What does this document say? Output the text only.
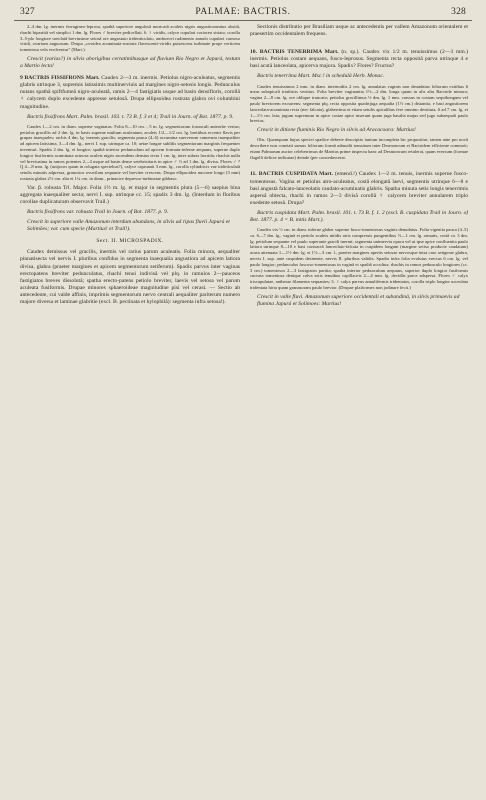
327	PALMAE: BACTRIS.	328

2–4 dm. lg. inermis ferrugineo-leprosa, spathâ superiore angulosâ muricatâ aculeis nigris angusticuneatus obsitâ, rhachi bipartitâ vel simplici 1 dm. lg. Flores ♂ breviter pedicellati. 6. ♀ viridis, calyce cupulari coriaceo striato, corolla 3–5-plo longiore ureolatâ breviusime setosâ ore angustato tridenticulato, androecei rudimento annulo cupulari carnoso viridi, ovarium anguosum. Drupa „ovoidea acuminata-rostrata flavescenti-viridis puisescens turbinate prope verticem tomentosa vela evolventur" (Mart.).

Crescit (varias?) in silvis aborigibus certatimibusque ad fluvium Rio Negro et Japurá, testum a Martio lecta!

9 BACTRIS FISSIFRONS Mart. Caudex 2—3 m. inermis. Petiolus nigro-aculeatus, segmentis glabris utrinque 3, supremis latissimis multinerviuis ad margines nigro-setosis longis. Pedunculus nutans spathâ spiftfumeâ nigro-aculeatâ, ramis 2—4 fastigiatis usque ad basin densifloris, corollâ ♀ calycem duplo excedente appresse setulosâ. Drupa ellipsoidea rostrata glabra ovi columbini magnitudine.

Bactris fissifrons Mart. Palm. brasil. 103. t. 73 B. f. 3 et 4; Trail in Journ. of Bot. 1877. p. 9.

Caudex 1—2 cm. in diam. superne vaginatus. Folia 8—10 cm. ; 5 m. lg. segmentorum forunculi anteorbe vertus; petiolus gracillis ad 2 dm. lg. in basis superne multum aculeatum, aculeis 1/2—1/2 cm. lg. breitibus eccentr flavis per grupas inaequales; rachis 4 dm. lg. inermis gracilis; segmenta pauca (4–6) accumina suerverum cumerum inaequaliter ad apicem latissima, 3—4 dm. lg., nervi I. sup. utrinque ca. 10; aetae longae sublilis segmentorum marginis frequenter inventuri. Spadix 2 dm. lg. et longior; spathâ interior pedunculum ad apicem formatu-inferne aequans, superne duplo longior fusiformis acuminata acinosa aculeis nigris ascendens densius tecta 1 cm. lg. inter subras horrida; rhachis nulla vel breviusima in ramos potentes 2—4 usque ad basin dense setebrisitaris in apice ♂ ½ ad 1 dm. lg. divisa. Flores ♂ ? Q 4—8 mm. lg. (unijoros quam in rolugata speciebus?), calyce caprunati 3 mm. lg., corolla cylindricis vae trideticulatâ setulis minutis adpressa, granosior ovuvilam sequante vel breviter crescens. Drupa ellipsoidea nucrone longo (3 mm) rostrata glabra 2½ cm. alta et 1¼ cm. in diam., prinaoice depresso-turbinatae gibbaso.

Var. β. robusta Trl. Major. Folia 1½ m. lg. et major in segmentis plura (5—6) saepius bina aggregata inaequaliter secta; nervi I. sup. utrinque cc. 15; spadix 3 dm. lg. (Interdum in floribus corollae duplicaturam observavit Trail.)

Bactris fissifrons var. robusta Trail in Journ. of Bot. 1877. p. 9.

Crescit in superiore valle Amazonum interdum abundans, in silvis ad ripas fluvii Japurá et Solimões; var. cum specie (Martius! et Trail!).

Sect. II. MICROSPADIX.

Caudex demissus vel gracilis, inermis vel rarius parum aculeatis. Folia minora, aequaliter pinnatisecta vel nervis I. pluribus confidus in segmenta inaequalia angustiora ad apicem latiora divisa, glabra (praeter margines et apicem segmentorum setiferum). Spadix parvus inter vaginas erectopatens breviter pedunculatus, rhachi tenui indivisâ vel plq. in ramulos 2—pauceos fastigiatos breves dissolutâ; spatha erecto-patens petiolo breviter, laevis vel setosa vel parum aculeata fusiformis. Drupae minores sphaeroideae magnitudine pisi vel cerasi. — Sectio ab antecedente, cui valde affinis, imprimis segmentorum nervo centrali aequaliter pariterum numero majore diversa et laminae glabritie (excl. B. pectinata et hylophilâ): segmenta infra setosa!).

Sectionis distributio per Brasiliam usque ac antecedentis per vallem Amazonum orientalem et praesertim occidentalem frequens.

10. BACTRIS TENERRIMA Mart. (n. sp.). Caudex vix 1/2 m. tenuissimus (2—3 mm.) inermis. Petiolus costam aequans, fusco-leprosus. Segmenta recta oppositâ parva utrinque 4 e basi acutâ lanceolata, apicerva majora. Spadix? Flores? Fructus?

Bactris tenerrima Mart. Msc.! in schedulâ Herb. Monac.

Caudex tenuissimus 2 mm. in diam. internodiis 2 cm. lg. annulatus vaginis non denudatus foliorum exitibus 6 meas subapicali triathicis vestitus. Folia breviter vaginantia 1½—2 dm. longa quam in alis aliu Bactride minora; vagina 2—8 cm. lg. ore oblique truncato; petiolus gracillimus ½ dm. lg. 1 mm. crassus in costam sequibongum vel paulo breviorem excurrens; segmenta plq. recta opposita quadrijuga aequalia (1½ cm.) distantia, e basi angustiorem lanceolata-acuminata recta (nec falcata), glaberrima et etiam setulis apicalibus fere omnino destituta, 6 ad 7 cm. lg. et 1—1½ cm. lata; jugum supremum in apice costae apice inserunt quam juga basalia majus sed jugo subaequali paulo brevius.

Crescit in ditione fluminis Rio Negro in silvis ad Aracacoara: Martius!

Obs. Quamquam hujus speciei spadice deberte descriptio tantum incompleta hic proposiitur, tamen ante pro novâ describere non conetati sumus foliorum formâ admodii transitum inter Desmoncum et Bactridem efficiente commoti; etiam Palmarum auctor celeberrimus de Martius prime inspectu hanc ad Desmoncum retulerat, quam eversum (formae flagelli deficte indicatae) deinde (per concedavrerat.

11. BACTRIS CUSPIDATA Mart. (emend.!) Caudex 1—2 m. tenuis, inermis superne fusco-tomentosus. Vagina et petiolus atro-aculeatus, costâ elongatâ laevi, segmentis utrinque 6—8 e basi angustâ falcato-lanceolatis caudato-acuminatis glabris. Spatha minuta setis longis tenerrimis aspersâ obtecta, rhachi in ramos 2—3 divisâ corollâ ♀ calycem breviter annularem triplo exedente setosâ. Drupa?

Bactris cuspidata Mart. Palm. brasil. 101. t. 73 B. f. 1. 2 (excl. B. cuspidata Trail in Journ. of Bot. 1877. p. 4 = B. mitis Mart.).

Caudex vix ½ cm. in diam. inferne glaber superne fusco-tomentosus vaginis denudatus. Folia vigentia pauca (4–5) ca. 6—7 dm. lg., vaginâ et petiolo aculeis nitidis atris compressis pungentibus ½—1 cm. lg. armatis, costâ ca. 3 dm. lg. petiolum sequante vel paulo superante gracili inermi; segmenta unimervia opaca vel ut ipse apice confluentia paulo latiora utrinque 8—10 e basi contractâ lanceolato-falcata in cuspidem longam (margine setiso producte caudatum) acuta attenuata 1—1½ dm. lg. et 1½—3 cm. l., praeter margines apertis setosae nervosque intra caro setigerae glabra, nervis I. sup. ante cuspidem desinente, nervis II. pluribus validis. Spadix infra folia evolutus erectus 6 cm. lg. vel paulo longior; pedunculus fuscoso-tomentosus in vaginâ et spathâ occultus; rhachis in ramos pedunculo longiores (cc. 3 cm.) tomentosos 2—3 fastigiatos partita; spatha interior pedunculum aequans, superior duplo longior fusiformis curvata tomentosa denique calva setis tenuibus capillaceis 2—4 mm. lg. decidûs parce adspersa. Flores ♂ calyx triscapulatae, antherae filamenta sequantes; 3. ♀ calyx parvus annulifermis tridentatus, corolla triplo longior urceolata tridentata hirta quam granasoram paulo brevior. (Drupae plaiformes non jodinare fecit.)

Crescit in valle fluvi. Amazonum superiore occidentali et subandinâ, in silvis primaevis ad flumina Japurá et Solimoes: Martius!
